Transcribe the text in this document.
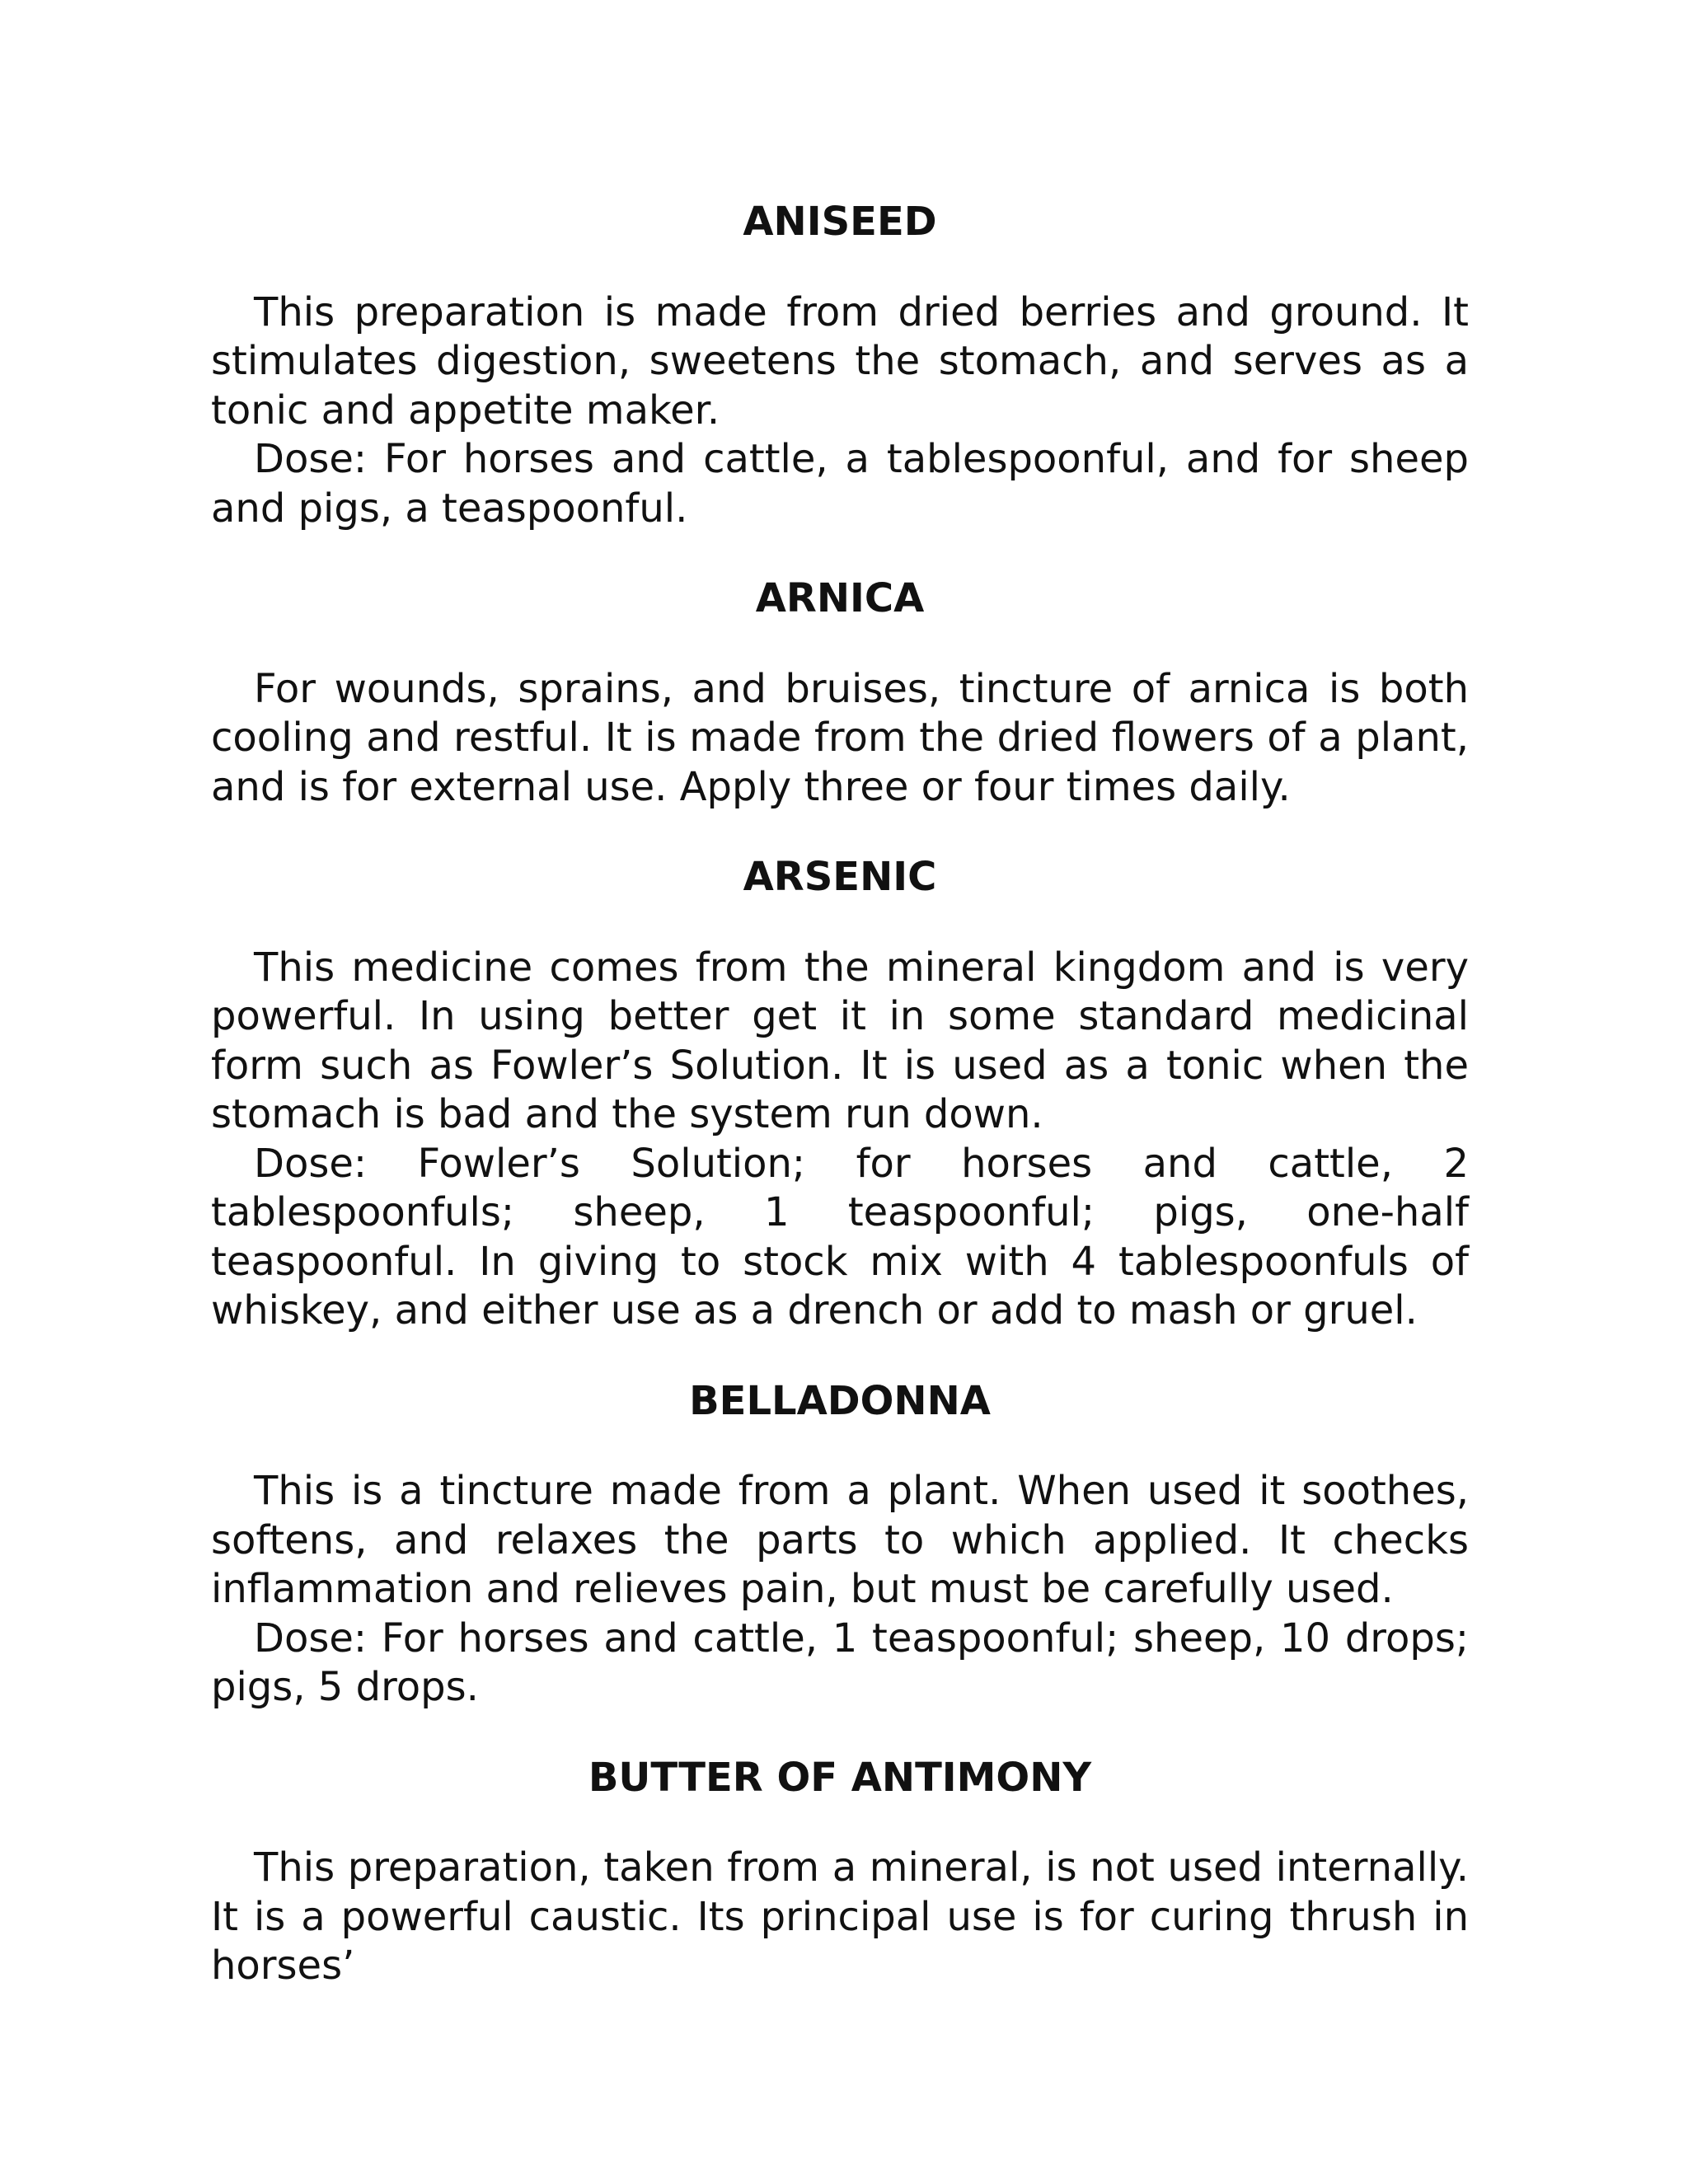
ANISEED

This preparation is made from dried berries and ground. It stimulates digestion, sweetens the stomach, and serves as a tonic and appetite maker.

Dose: For horses and cattle, a tablespoonful, and for sheep and pigs, a teaspoonful.

ARNICA

For wounds, sprains, and bruises, tincture of arnica is both cooling and restful. It is made from the dried flowers of a plant, and is for external use. Apply three or four times daily.

ARSENIC

This medicine comes from the mineral kingdom and is very powerful. In using better get it in some standard medicinal form such as Fowler’s Solution. It is used as a tonic when the stomach is bad and the system run down.

Dose: Fowler’s Solution; for horses and cattle, 2 tablespoonfuls; sheep, 1 teaspoonful; pigs, one-half teaspoonful. In giving to stock mix with 4 tablespoonfuls of whiskey, and either use as a drench or add to mash or gruel.

BELLADONNA

This is a tincture made from a plant. When used it soothes, softens, and relaxes the parts to which applied. It checks inflammation and relieves pain, but must be carefully used.

Dose: For horses and cattle, 1 teaspoonful; sheep, 10 drops; pigs, 5 drops.

BUTTER OF ANTIMONY

This preparation, taken from a mineral, is not used internally. It is a powerful caustic. Its principal use is for curing thrush in horses’
